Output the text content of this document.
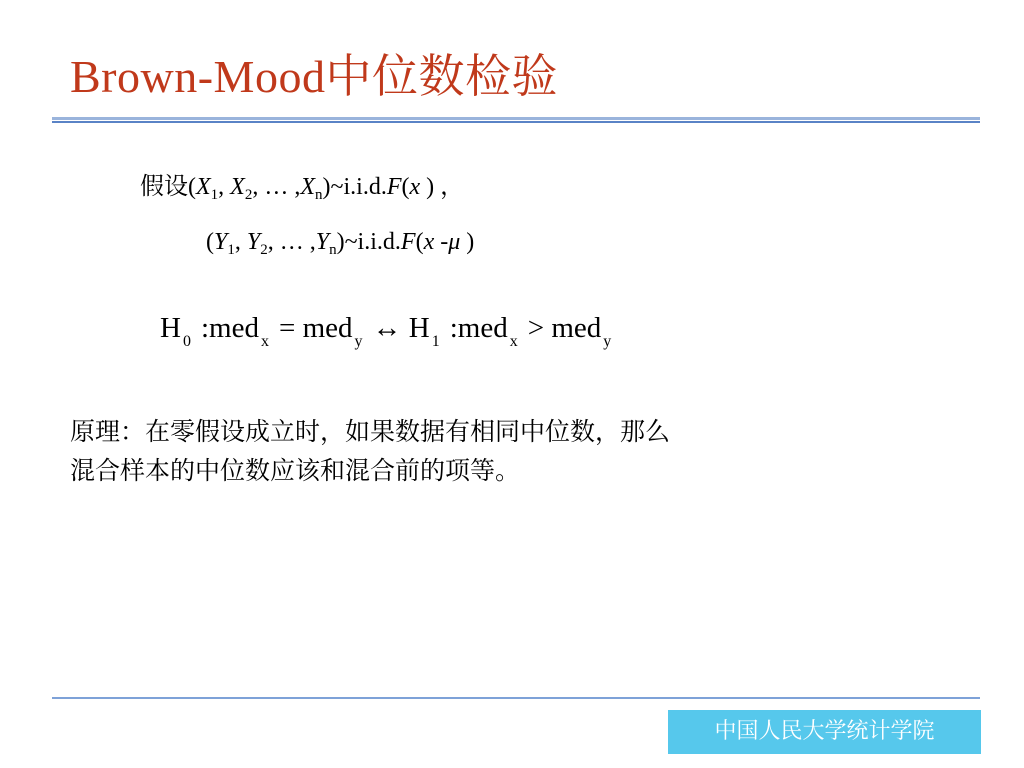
Brown-Mood中位数检验
假设($X_1$, $X_2$, … $,X_n)\sim i.i.d.F(x$ ) ，
($Y_1$, $Y_2$, … $,Y_n)\sim i.i.d.F(x$ -μ )
H $_0$ :med $_x$ = med $_y$ ↔ H $_1$ :med $_x$ > med $_y$
原理：在零假设成立时，如果数据有相同中位数，那么
混合样本的中位数应该和混合前的项等。
中国人民大学统计学院
